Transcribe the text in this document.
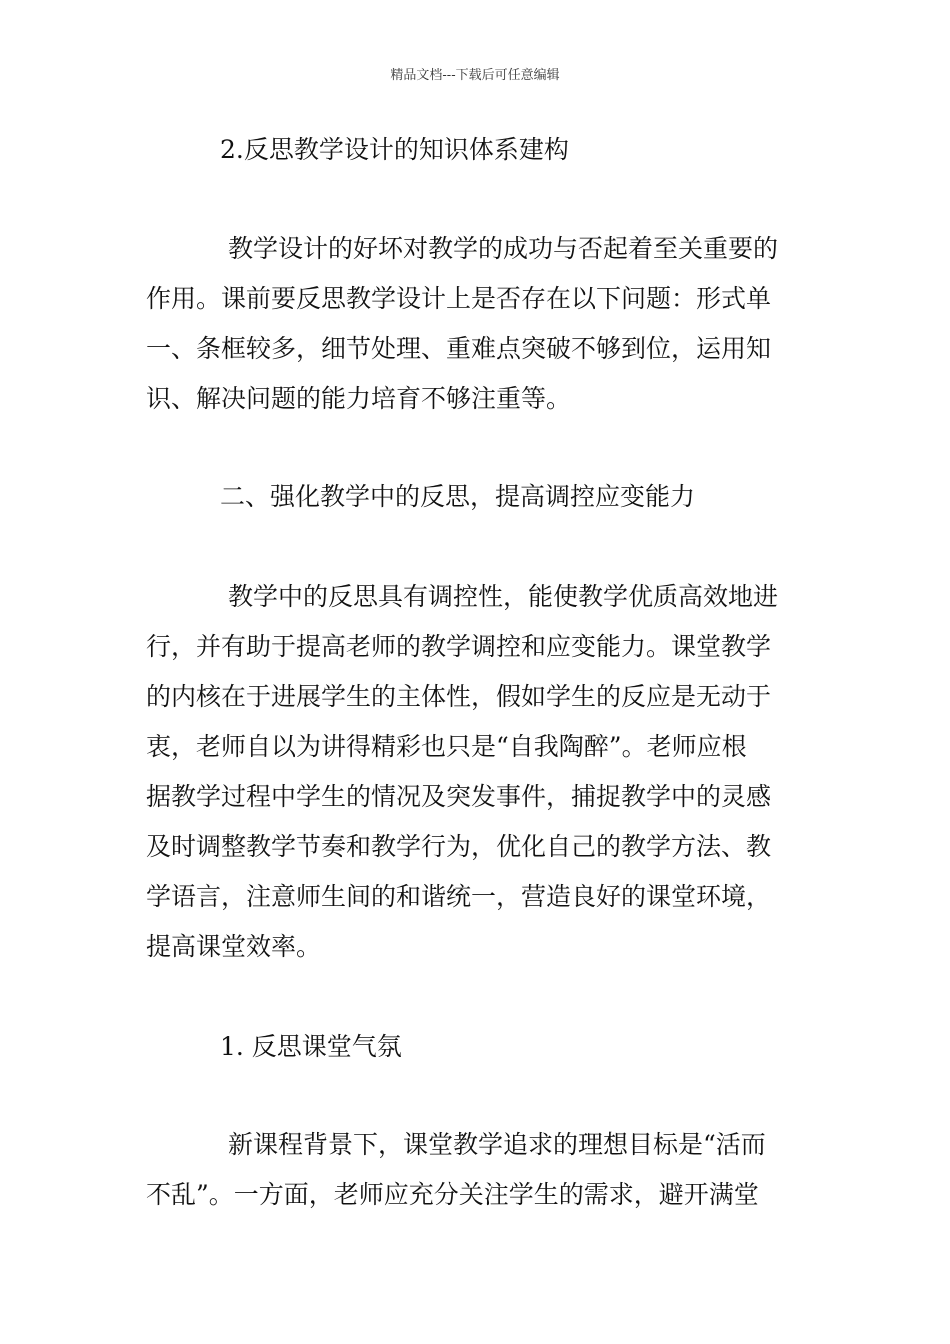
精品文档---下载后可任意编辑
2.反思教学设计的知识体系建构
教学设计的好坏对教学的成功与否起着至关重要的
作用。课前要反思教学设计上是否存在以下问题：形式单
一、条框较多，细节处理、重难点突破不够到位，运用知
识、解决问题的能力培育不够注重等。
二、强化教学中的反思，提高调控应变能力
教学中的反思具有调控性，能使教学优质高效地进
行，并有助于提高老师的教学调控和应变能力。课堂教学
的内核在于进展学生的主体性，假如学生的反应是无动于
衷，老师自以为讲得精彩也只是“自我陶醉”。老师应根
据教学过程中学生的情况及突发事件，捕捉教学中的灵感
及时调整教学节奏和教学行为，优化自己的教学方法、教
学语言，注意师生间的和谐统一，营造良好的课堂环境，
提高课堂效率。
1. 反思课堂气氛
新课程背景下，课堂教学追求的理想目标是“活而
不乱”。一方面，老师应充分关注学生的需求，避开满堂
